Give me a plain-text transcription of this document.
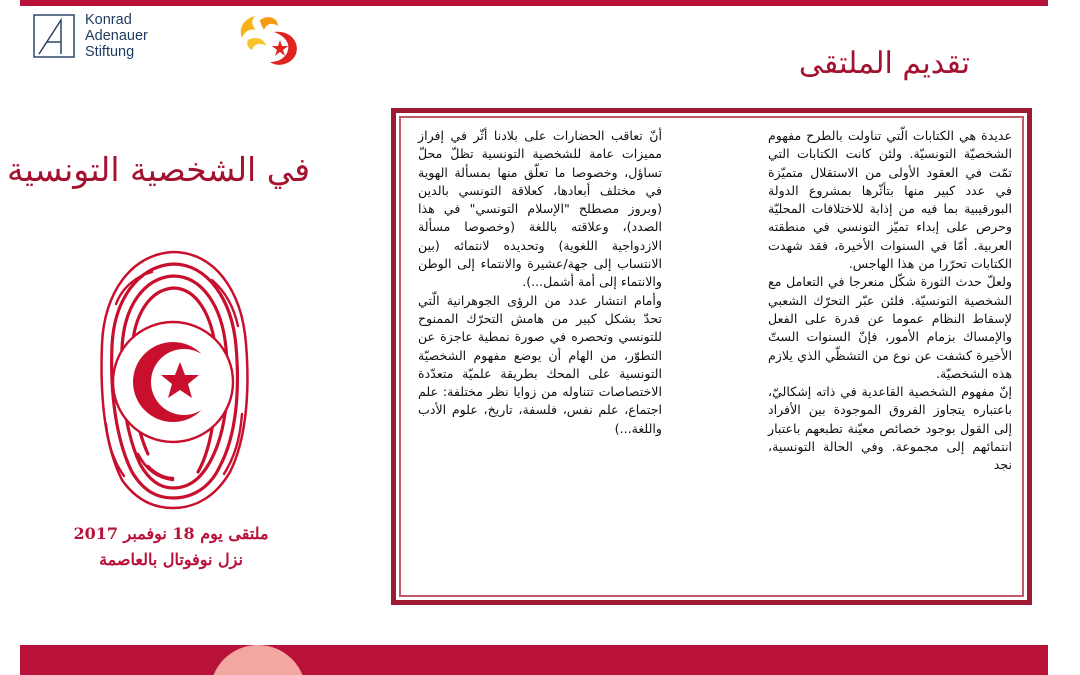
Konrad
Adenauer
Stiftung	تقديم الملتقى
في الشخصية التونسية
ملتقى يوم 18 نوفمبر 2017
نزل نوفوتال بالعاصمة

عديدة هي الكتابات الّتي تناولت بالطرح مفهوم الشخصيّة التونسيّة. ولئن كانت الكتابات التي تمّت في العقود الأولى من الاستقلال متميّزة في عدد كبير منها بتأثّرها بمشروع الدولة البورقيبية بما فيه من إذابة للاختلافات المحليّة وحرص على إبداء تميّز التونسي في منطقته العربية. أمّا في السنوات الأخيرة، فقد شهدت الكتابات تحرّرا من هذا الهاجس.

ولعلّ حدث الثورة شكّل منعرجا في التعامل مع الشخصية التونسيّة. فلئن عبّر التحرّك الشعبي لإسقاط النظام عموما عن قدرة على الفعل والإمساك بزمام الأمور، فإنّ السنوات الستّ الأخيرة كشفت عن نوع من التشظّي الذي يلازم هذه الشخصيّة.

إنّ مفهوم الشخصية القاعدية في ذاته إشكاليّ، باعتباره يتجاوز الفروق الموجودة بين الأفراد إلى القول بوجود خصائص معيّنة تطبعهم باعتبار انتمائهم إلى مجموعة. وفي الحالة التونسية، نجد

أنّ تعاقب الحضارات على بلادنا أثّر في إفراز مميزات عامة للشخصية التونسية تظلّ محلّ تساؤل، وخصوصا ما تعلّق منها بمسألة الهوية في مختلف أبعادها، كعلاقة التونسي بالدين (وبروز مصطلح "الإسلام التونسي" في هذا الصدد)، وعلاقته باللغة (وخصوصا مسألة الازدواجية اللغوية) وتحديده لانتمائه (بين الانتساب إلى جهة/عشيرة والانتماء إلى الوطن والانتماء إلى أمة أشمل...).

وأمام انتشار عدد من الرؤى الجوهرانية الّتي تحدّ بشكل كبير من هامش التحرّك الممنوح للتونسي وتحصره في صورة نمطية عاجزة عن التطوّر، من الهام أن يوضع مفهوم الشخصيّة التونسية على المحك بطريقة علميّة متعدّدة الاختصاصات تتناوله من زوايا نظر مختلفة: علم اجتماع، علم نفس، فلسفة، تاريخ، علوم الأدب واللغة...)
